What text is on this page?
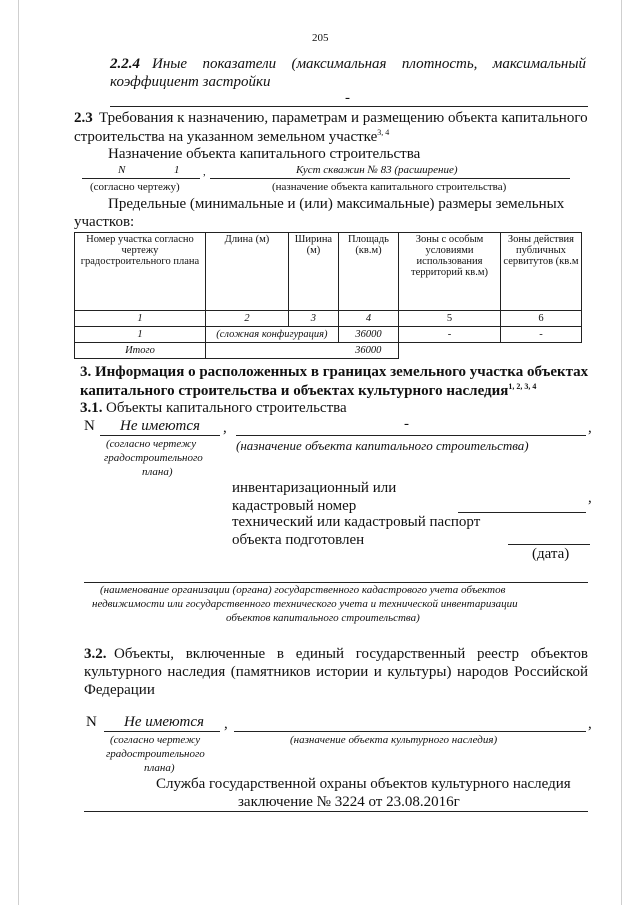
205
2.2.4 Иные показатели (максимальная плотность, максимальный
коэффициент застройки
-
2.3 Требования к назначению, параметрам и размещению объекта капитального
строительства на указанном земельном участке$^{3, 4}$
Назначение объекта капитального строительства
N	1 ,	Куст скважин № 83 (расширение)
(согласно чертежу)	(назначение объекта капитального строительства)
Предельные (минимальные и (или) максимальные) размеры земельных
участков:
Номер участка согласно чертежу градостроительного плана	Длина (м)	Ширина (м)	Площадь (кв.м)	Зоны с особым условиями использования территорий кв.м)	Зоны действия публичных сервитутов (кв.м
1	2	3	4	5	6
1	(сложная конфигурация)		36000	-	-
Итого			36000		
3. Информация о расположенных в границах земельного участка объектах
капитального строительства и объектах культурного наследия$^{1, 2, 3, 4}$
3.1. Объекты капитального строительства
N Не имеются ,	-	,
(согласно чертежу
градостроительного
плана)
(назначение объекта капитального строительства)
инвентаризационный или
кадастровый номер	,
технический или кадастровый паспорт
объекта подготовлен
(дата)
(наименование организации (органа) государственного кадастрового учета объектов
недвижимости или государственного технического учета и технической инвентаризации
объектов капитального строительства)
3.2. Объекты, включенные в единый государственный реестр объектов
культурного наследия (памятников истории и культуры) народов Российской
Федерации
N Не имеются ,	,
(согласно чертежу
градостроительного
плана)
(назначение объекта культурного наследия)
Служба государственной охраны объектов культурного наследия
заключение № 3224 от 23.08.2016г
